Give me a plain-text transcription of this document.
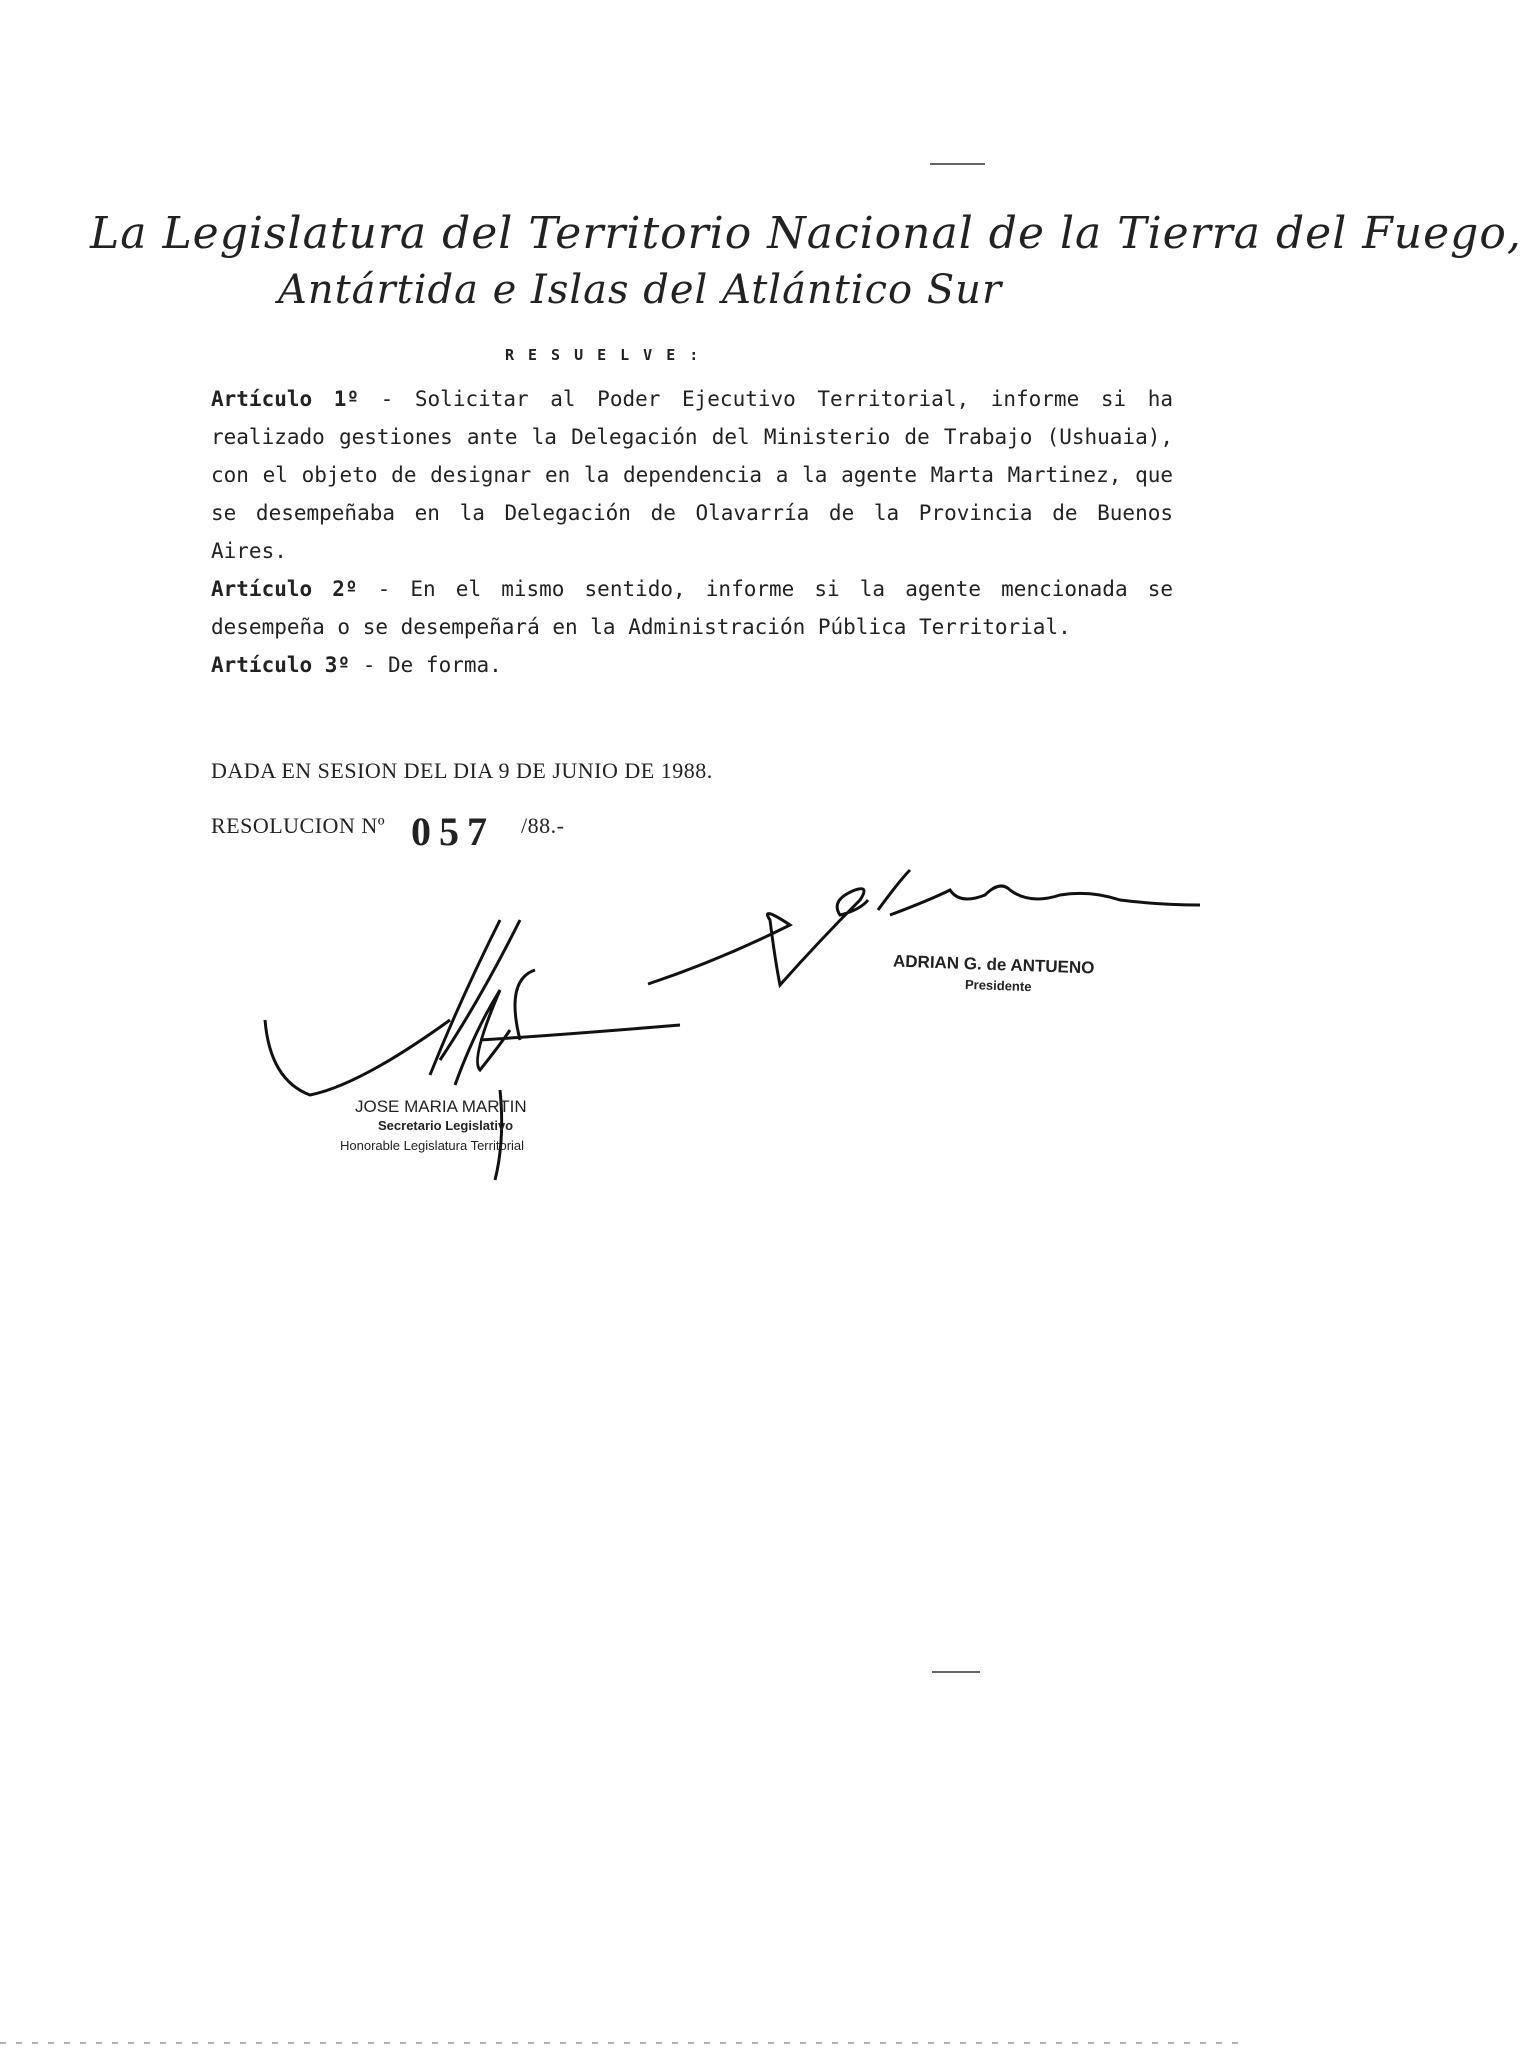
La Legislatura del Territorio Nacional de la Tierra del Fuego,
Antártida e Islas del Atlántico Sur
RESUELVE:

Artículo 1º - Solicitar al Poder Ejecutivo Territorial, informe si ha realizado gestiones ante la Delegación del Ministerio de Trabajo (Ushuaia), con el objeto de designar en la dependencia a la agente Marta Martinez, que se desempeñaba en la Delegación de Olavarría de la Provincia de Buenos Aires.

Artículo 2º - En el mismo sentido, informe si la agente mencionada se desempeña o se desempeñará en la Administración Pública Territorial.

Artículo 3º - De forma.

DADA EN SESION DEL DIA 9 DE JUNIO DE 1988.
RESOLUCION Nº 057 /88.-
ADRIAN G. de ANTUENO
Presidente
JOSE MARIA MARTIN
Secretario Legislativo
Honorable Legislatura Territorial
